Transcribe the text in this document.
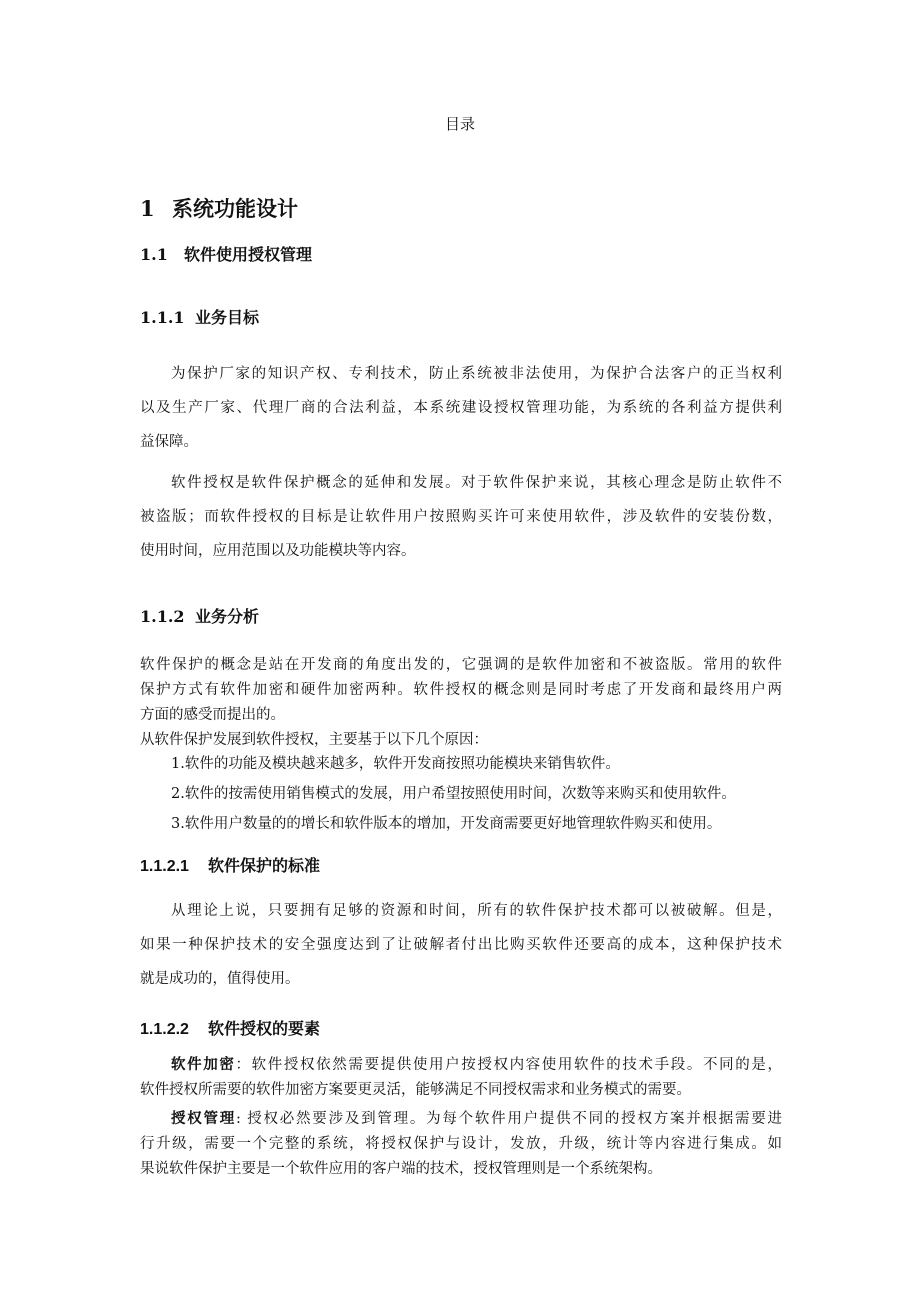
目录
1 系统功能设计
1.1 软件使用授权管理
1.1.1 业务目标
为保护厂家的知识产权、专利技术，防止系统被非法使用，为保护合法客户的正当权利
以及生产厂家、代理厂商的合法利益，本系统建设授权管理功能，为系统的各利益方提供利
益保障。
软件授权是软件保护概念的延伸和发展。对于软件保护来说，其核心理念是防止软件不
被盗版；而软件授权的目标是让软件用户按照购买许可来使用软件，涉及软件的安装份数，
使用时间，应用范围以及功能模块等内容。
1.1.2 业务分析
软件保护的概念是站在开发商的角度出发的，它强调的是软件加密和不被盗版。常用的软件
保护方式有软件加密和硬件加密两种。软件授权的概念则是同时考虑了开发商和最终用户两
方面的感受而提出的。
从软件保护发展到软件授权，主要基于以下几个原因：
1.软件的功能及模块越来越多，软件开发商按照功能模块来销售软件。
2.软件的按需使用销售模式的发展，用户希望按照使用时间，次数等来购买和使用软件。
3.软件用户数量的的增长和软件版本的增加，开发商需要更好地管理软件购买和使用。
1.1.2.1 软件保护的标准
从理论上说，只要拥有足够的资源和时间，所有的软件保护技术都可以被破解。但是，
如果一种保护技术的安全强度达到了让破解者付出比购买软件还要高的成本，这种保护技术
就是成功的，值得使用。
1.1.2.2 软件授权的要素
软件加密：软件授权依然需要提供使用户按授权内容使用软件的技术手段。不同的是，
软件授权所需要的软件加密方案要更灵活，能够满足不同授权需求和业务模式的需要。
授权管理: 授权必然要涉及到管理。为每个软件用户提供不同的授权方案并根据需要进
行升级，需要一个完整的系统，将授权保护与设计，发放，升级，统计等内容进行集成。如
果说软件保护主要是一个软件应用的客户端的技术，授权管理则是一个系统架构。
